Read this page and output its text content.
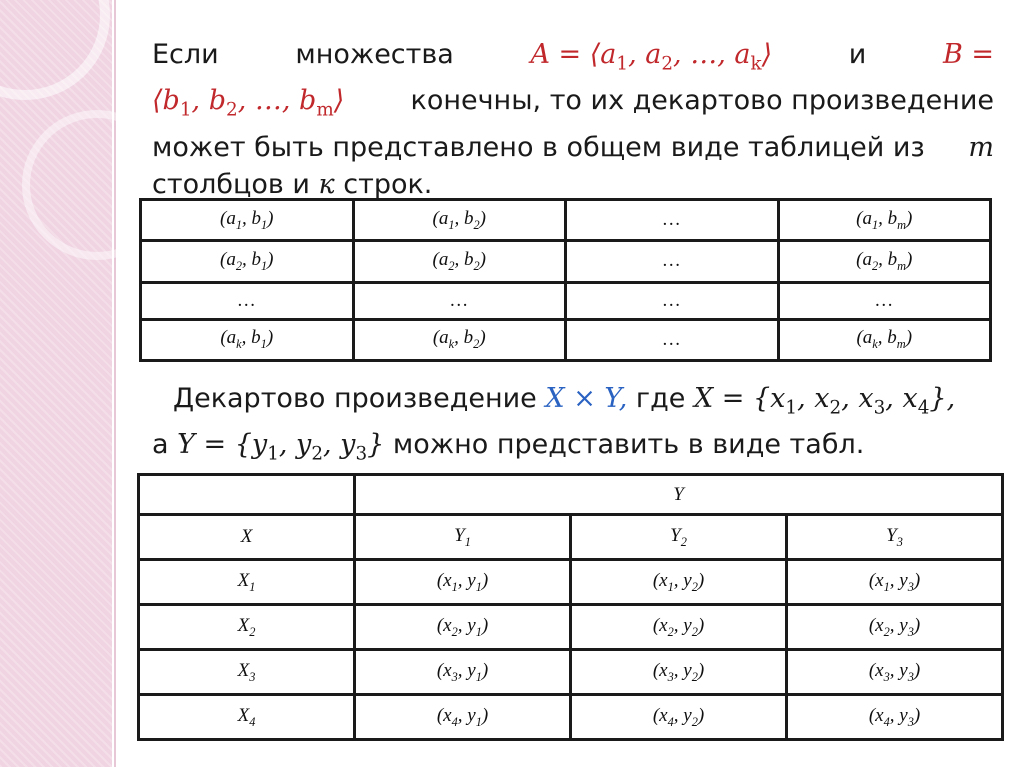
Если	множества	$A = ⟨a_1$, $a_2$, …, $a_k⟩$	и	B =
$⟨b_1$, $b_2$, …, $b_m⟩$ конечны, то их декартово произведение
может быть представлено в общем виде таблицей из m
столбцов и к строк.
($a_1$, $b_1$)	($a_1$, $b_2$)	…	($a_1$, $b_m$)
($a_2$, $b_1$)	($a_2$, $b_2$)	…	($a_2$, $b_m$)
…	…	…	…
($a_k$, $b_1$)	($a_k$, $b_2$)	…	($a_k$, $b_m$)
Декартово произведение X × Y, где $X = \{x_1$, $x_2$, $x_3$, $x_4$},
а $Y = \{y_1$, $y_2$, $y_3$} можно представить в виде табл.
	Y		
X	$Y_1$	$Y_2$	$Y_3$
$X_1$	($x_1$, $y_1$)	($x_1$, $y_2$)	($x_1$, $y_3$)
$X_2$	($x_2$, $y_1$)	($x_2$, $y_2$)	($x_2$, $y_3$)
$X_3$	($x_3$, $y_1$)	($x_3$, $y_2$)	($x_3$, $y_3$)
$X_4$	($x_4$, $y_1$)	($x_4$, $y_2$)	($x_4$, $y_3$)
